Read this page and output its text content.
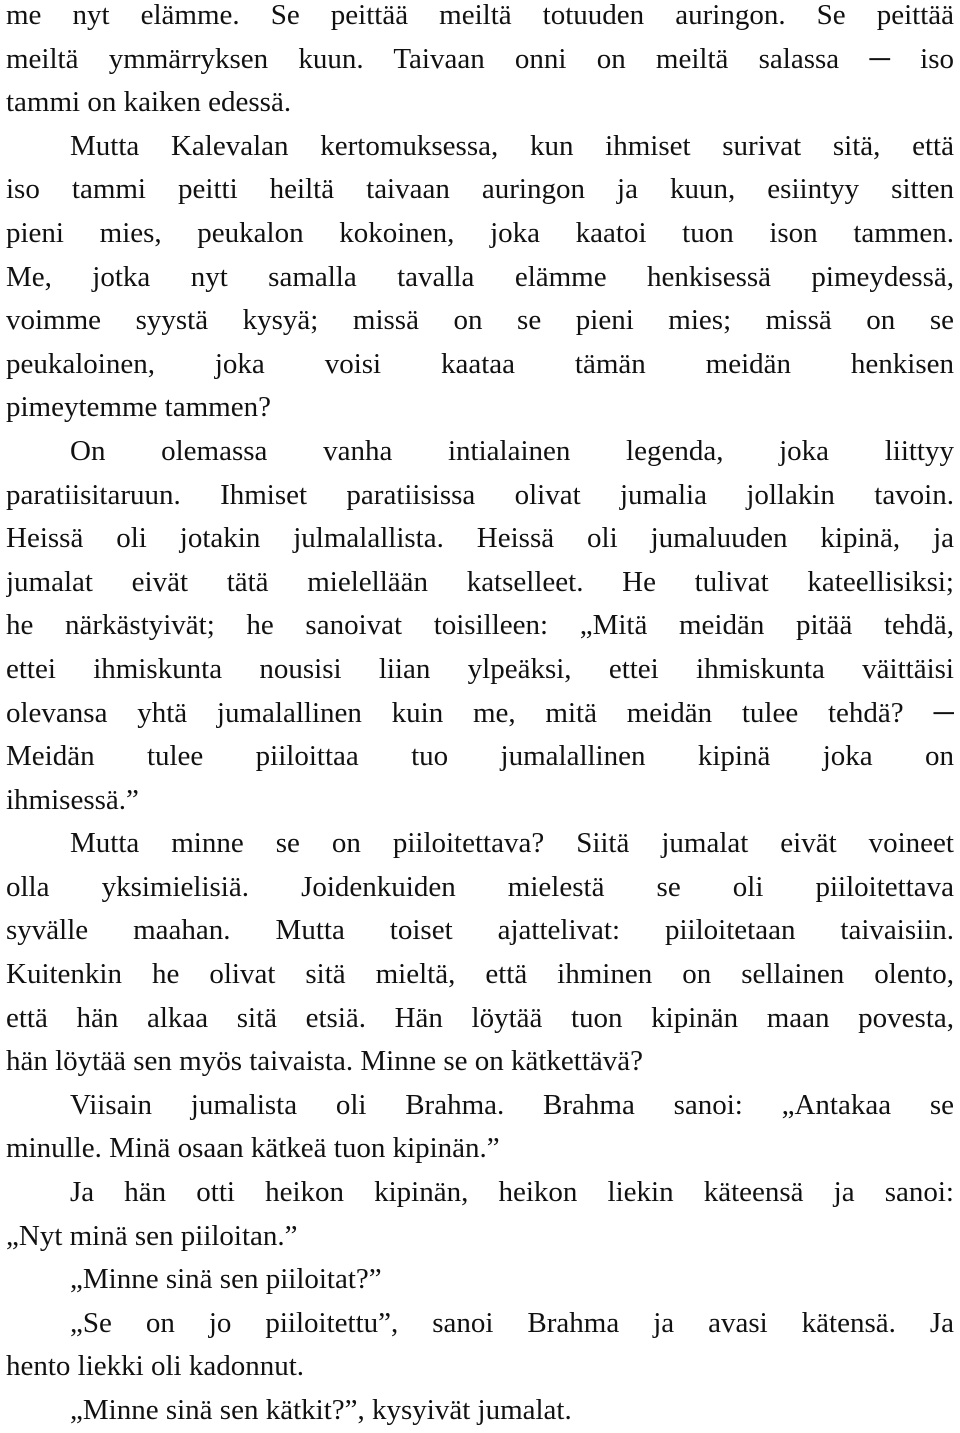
me nyt elämme. Se peittää meiltä totuuden auringon. Se peittää
meiltä ymmärryksen kuun. Taivaan onni on meiltä salassa ─ iso
tammi on kaiken edessä.
Mutta Kalevalan kertomuksessa, kun ihmiset surivat sitä, että
iso tammi peitti heiltä taivaan auringon ja kuun, esiintyy sitten
pieni mies, peukalon kokoinen, joka kaatoi tuon ison tammen.
Me, jotka nyt samalla tavalla elämme henkisessä pimeydessä,
voimme syystä kysyä; missä on se pieni mies; missä on se
peukaloinen, joka voisi kaataa tämän meidän henkisen
pimeytemme tammen?
On olemassa vanha intialainen legenda, joka liittyy
paratiisitaruun. Ihmiset paratiisissa olivat jumalia jollakin tavoin.
Heissä oli jotakin julmalallista. Heissä oli jumaluuden kipinä, ja
jumalat eivät tätä mielellään katselleet. He tulivat kateellisiksi;
he närkästyivät; he sanoivat toisilleen: „Mitä meidän pitää tehdä,
ettei ihmiskunta nousisi liian ylpeäksi, ettei ihmiskunta väittäisi
olevansa yhtä jumalallinen kuin me, mitä meidän tulee tehdä? ─
Meidän tulee piiloittaa tuo jumalallinen kipinä joka on
ihmisessä.”
Mutta minne se on piiloitettava? Siitä jumalat eivät voineet
olla yksimielisiä. Joidenkuiden mielestä se oli piiloitettava
syvälle maahan. Mutta toiset ajattelivat: piiloitetaan taivaisiin.
Kuitenkin he olivat sitä mieltä, että ihminen on sellainen olento,
että hän alkaa sitä etsiä. Hän löytää tuon kipinän maan povesta,
hän löytää sen myös taivaista. Minne se on kätkettävä?
Viisain jumalista oli Brahma. Brahma sanoi: „Antakaa se
minulle. Minä osaan kätkeä tuon kipinän.”
Ja hän otti heikon kipinän, heikon liekin käteensä ja sanoi:
„Nyt minä sen piiloitan.”
„Minne sinä sen piiloitat?”
„Se on jo piiloitettu”, sanoi Brahma ja avasi kätensä. Ja
hento liekki oli kadonnut.
„Minne sinä sen kätkit?”, kysyivät jumalat.
